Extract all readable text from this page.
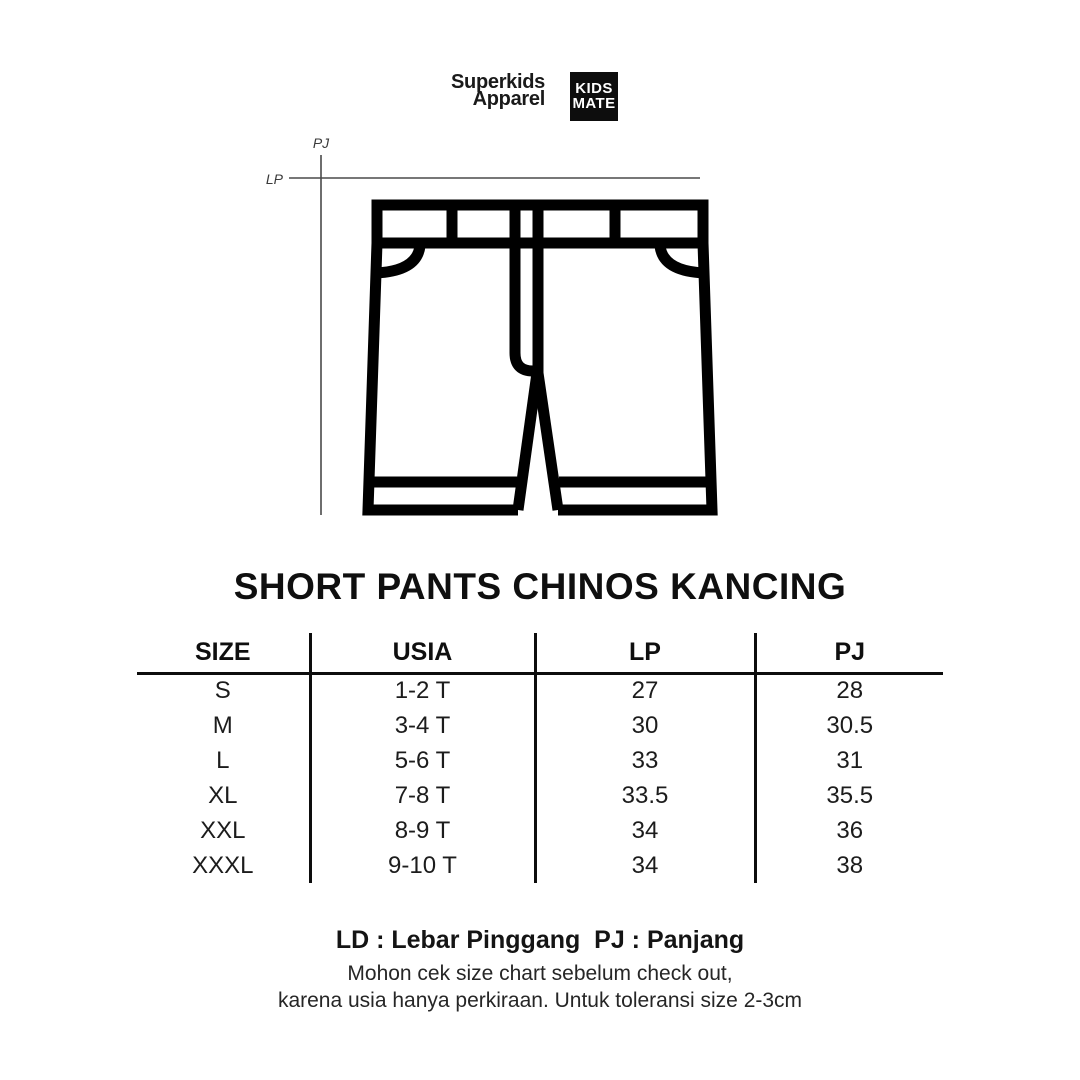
Superkids
Apparel	KIDS
MATE
PJ
LP
SHORT PANTS CHINOS KANCING
SIZE	USIA	LP	PJ
S	1-2 T	27	28
M	3-4 T	30	30.5
L	5-6 T	33	31
XL	7-8 T	33.5	35.5
XXL	8-9 T	34	36
XXXL	9-10 T	34	38
LD : Lebar Pinggang  PJ : Panjang
Mohon cek size chart sebelum check out,
karena usia hanya perkiraan. Untuk toleransi size 2-3cm
